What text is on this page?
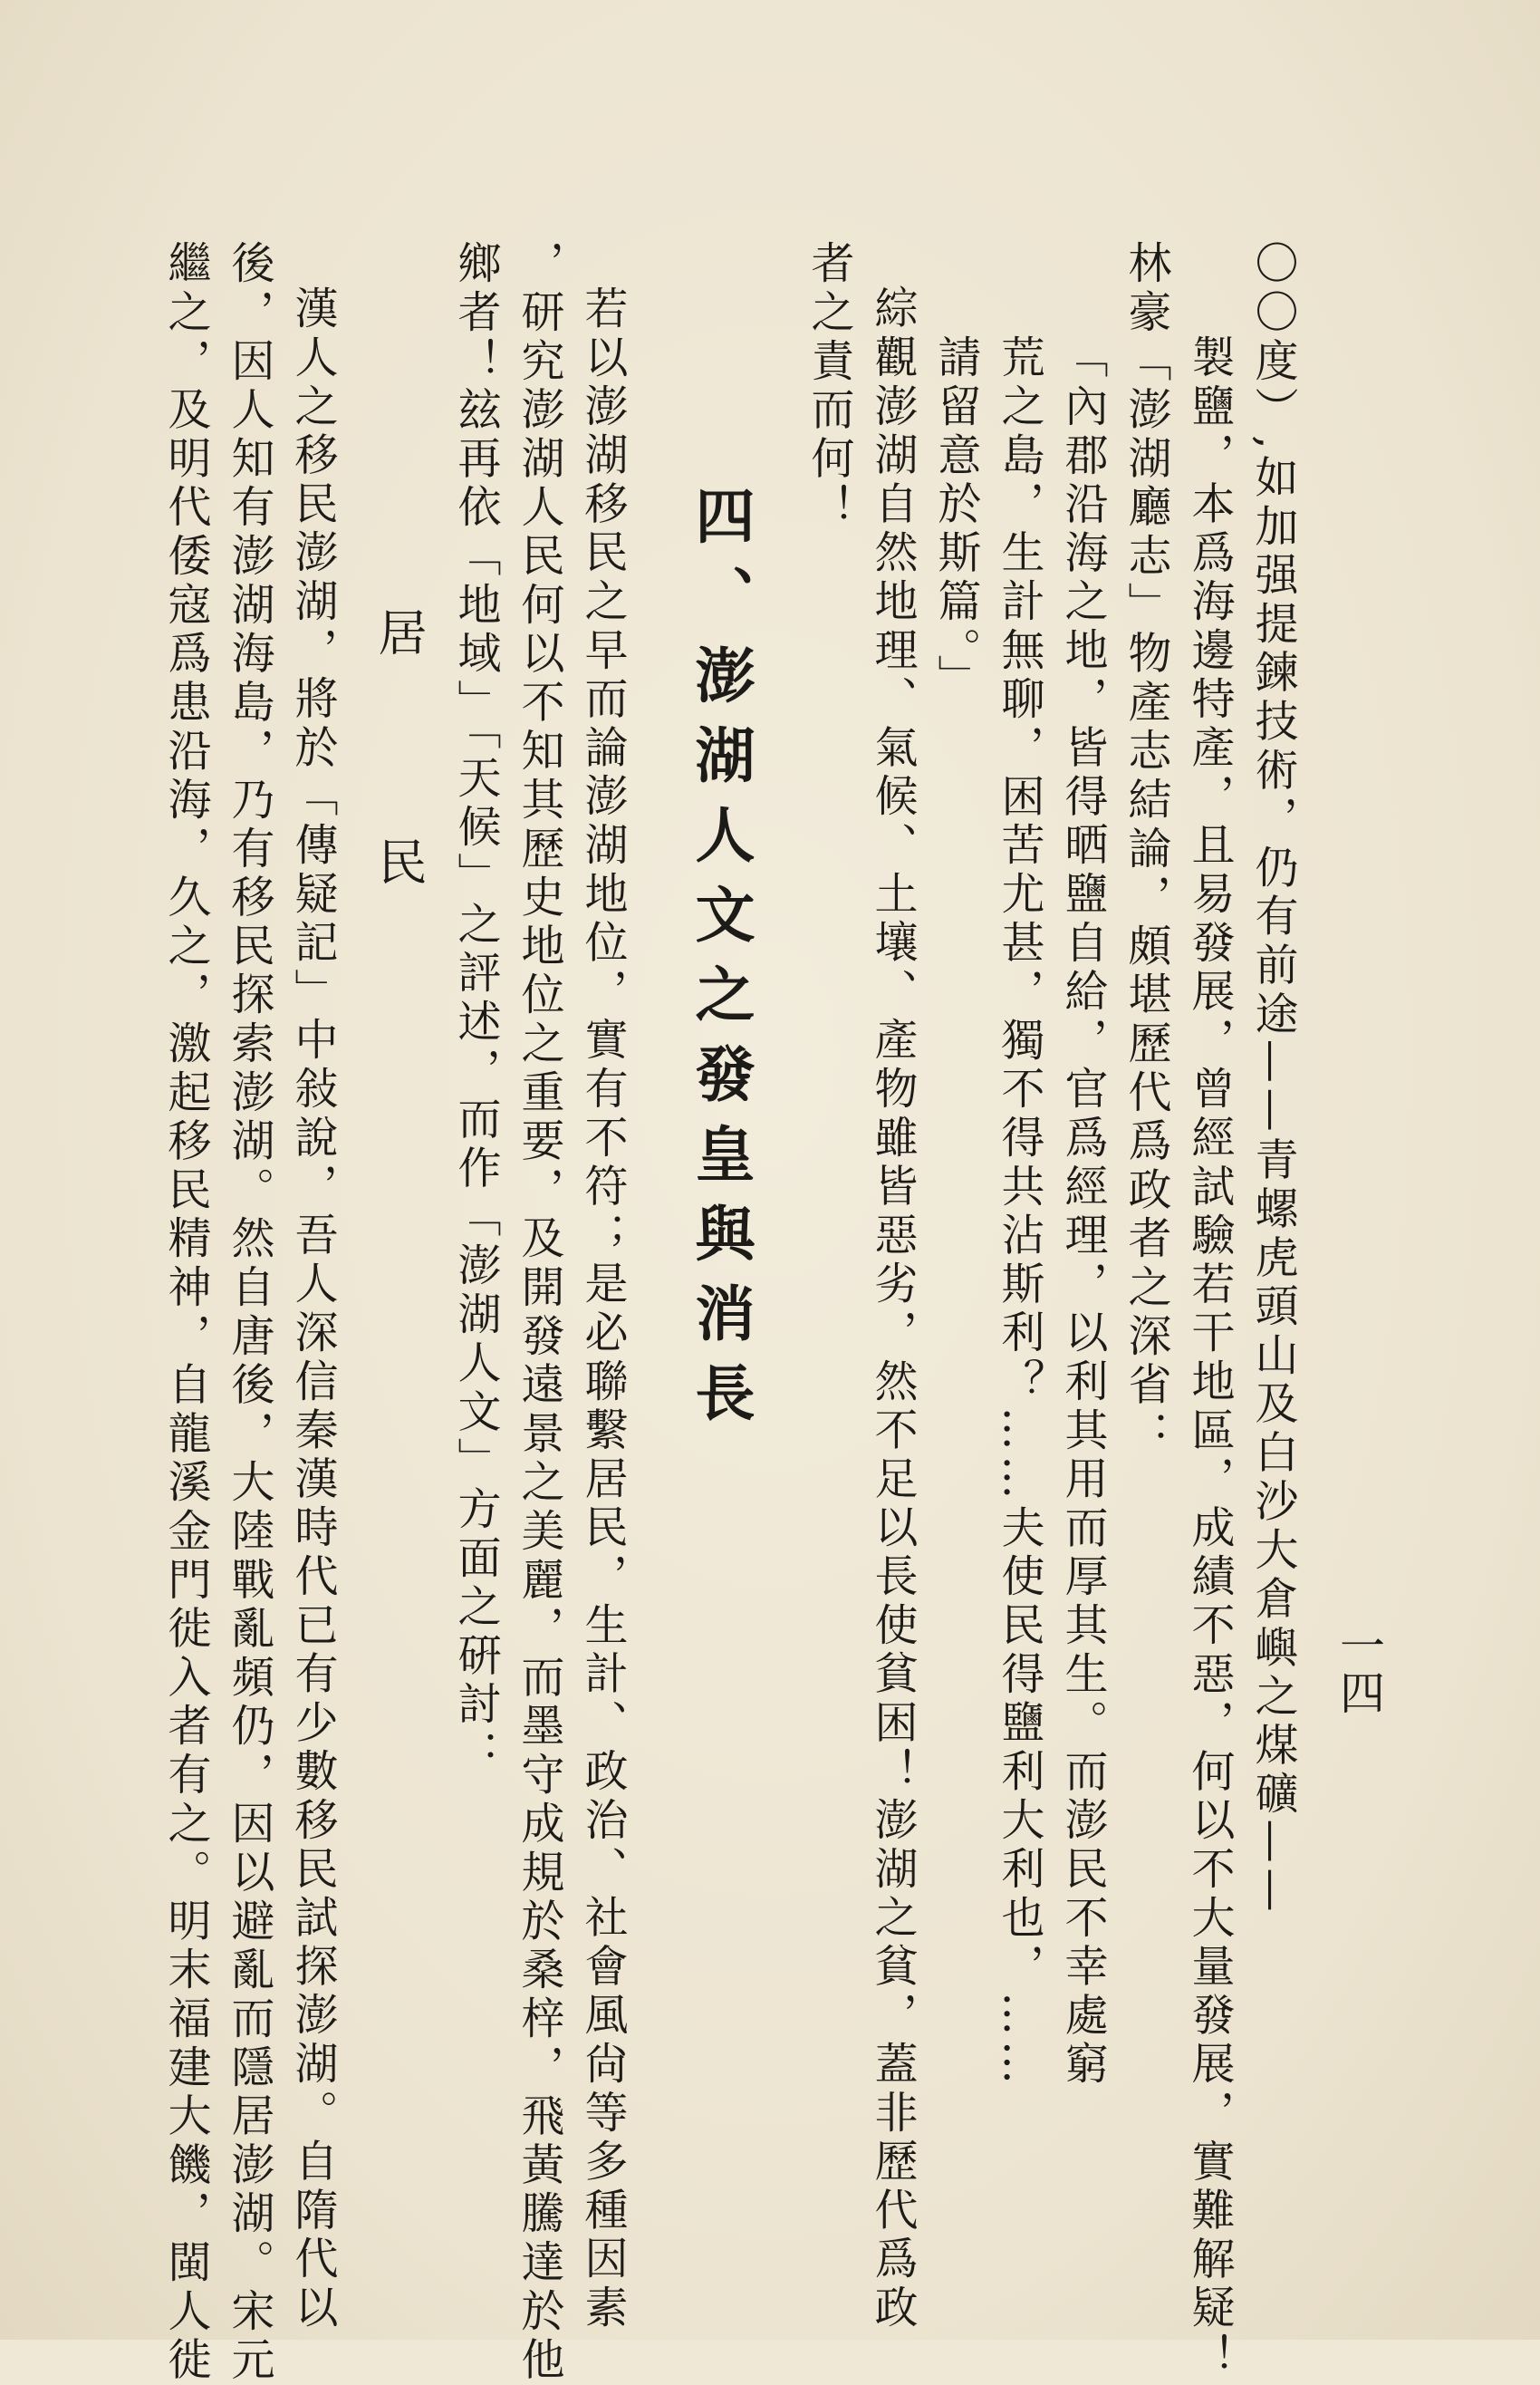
一四
〇〇度）,如加强提鍊技術，仍有前途——青螺虎頭山及白沙大倉嶼之煤礦——
製鹽，本爲海邊特產，且易發展，曾經試驗若干地區，成績不惡，何以不大量發展，實難解疑！
林豪「澎湖廳志」物產志結論，頗堪歷代爲政者之深省：
「內郡沿海之地，皆得晒鹽自給，官爲經理，以利其用而厚其生。而澎民不幸處窮
荒之島，生計無聊，困苦尤甚，獨不得共沾斯利？……夫使民得鹽利大利也，……
請留意於斯篇。」
綜觀澎湖自然地理、氣候、土壤、產物雖皆惡劣，然不足以長使貧困！澎湖之貧，蓋非歷代爲政
者之責而何！
四、澎湖人文之發皇與消長
若以澎湖移民之早而論澎湖地位，實有不符；是必聯繫居民，生計、政治、社會風尙等多種因素
，研究澎湖人民何以不知其歷史地位之重要，及開發遠景之美麗，而墨守成規於桑梓，飛黃騰達於他
鄉者！玆再依「地域」「天候」之評述，而作「澎湖人文」方面之硏討：
居 民
漢人之移民澎湖，將於「傳疑記」中敍說，吾人深信秦漢時代已有少數移民試探澎湖。自隋代以
後，因人知有澎湖海島，乃有移民探索澎湖。然自唐後，大陸戰亂頻仍，因以避亂而隱居澎湖。宋元
繼之，及明代倭寇爲患沿海，久之，激起移民精神，自龍溪金門徙入者有之。明末福建大饑，閩人徙
